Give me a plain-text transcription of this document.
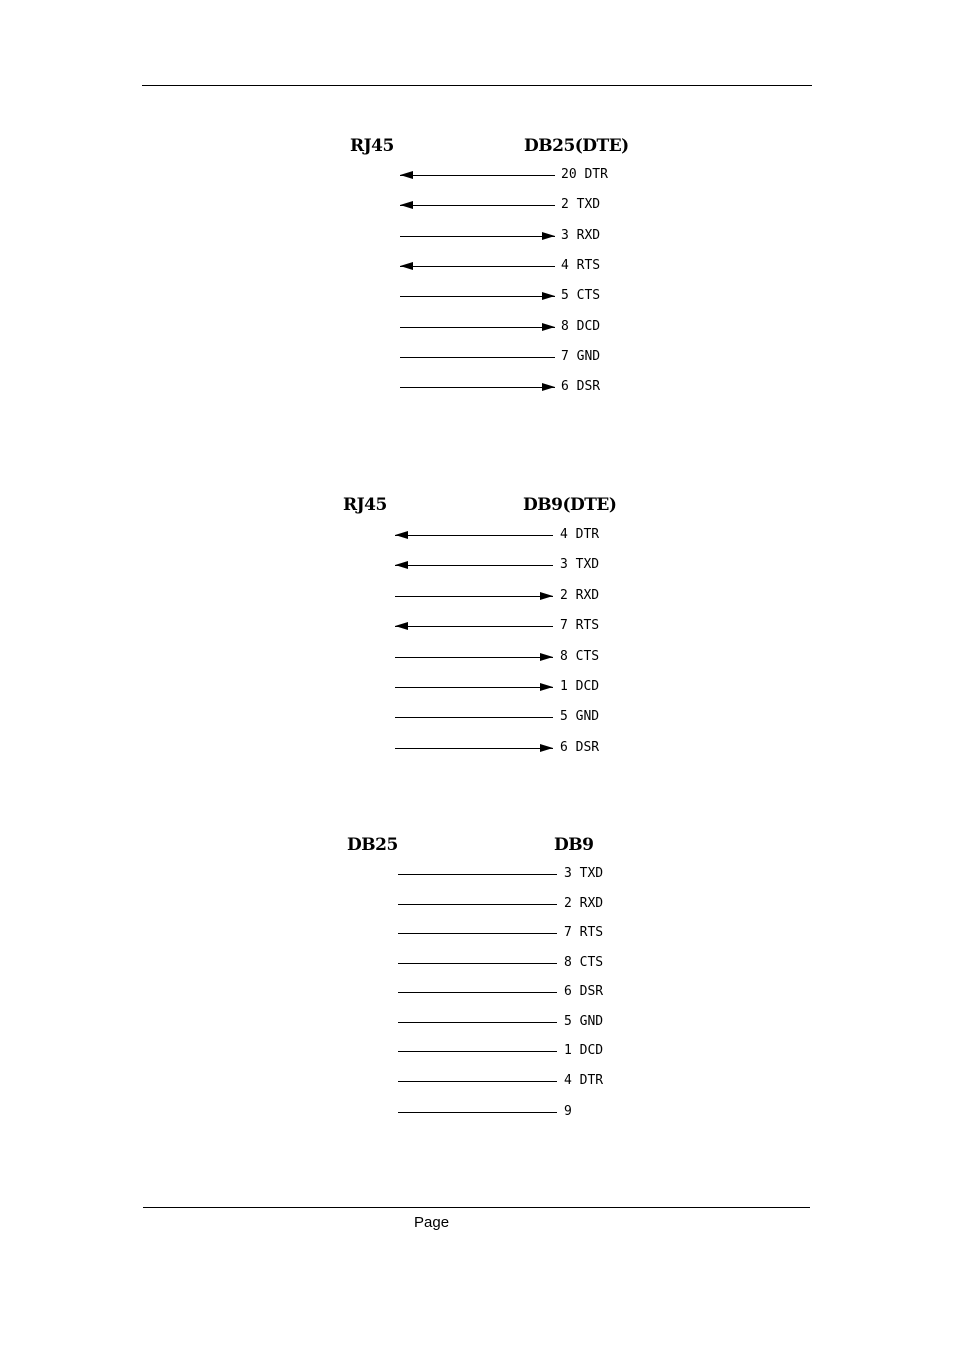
RJ45	DB25(DTE)
20 DTR
2 TXD
3 RXD
4 RTS
5 CTS
8 DCD
7 GND
6 DSR
RJ45	DB9(DTE)
4 DTR
3 TXD
2 RXD
7 RTS
8 CTS
1 DCD
5 GND
6 DSR
DB25	DB9
3 TXD
2 RXD
7 RTS
8 CTS
6 DSR
5 GND
1 DCD
4 DTR
9
Page
